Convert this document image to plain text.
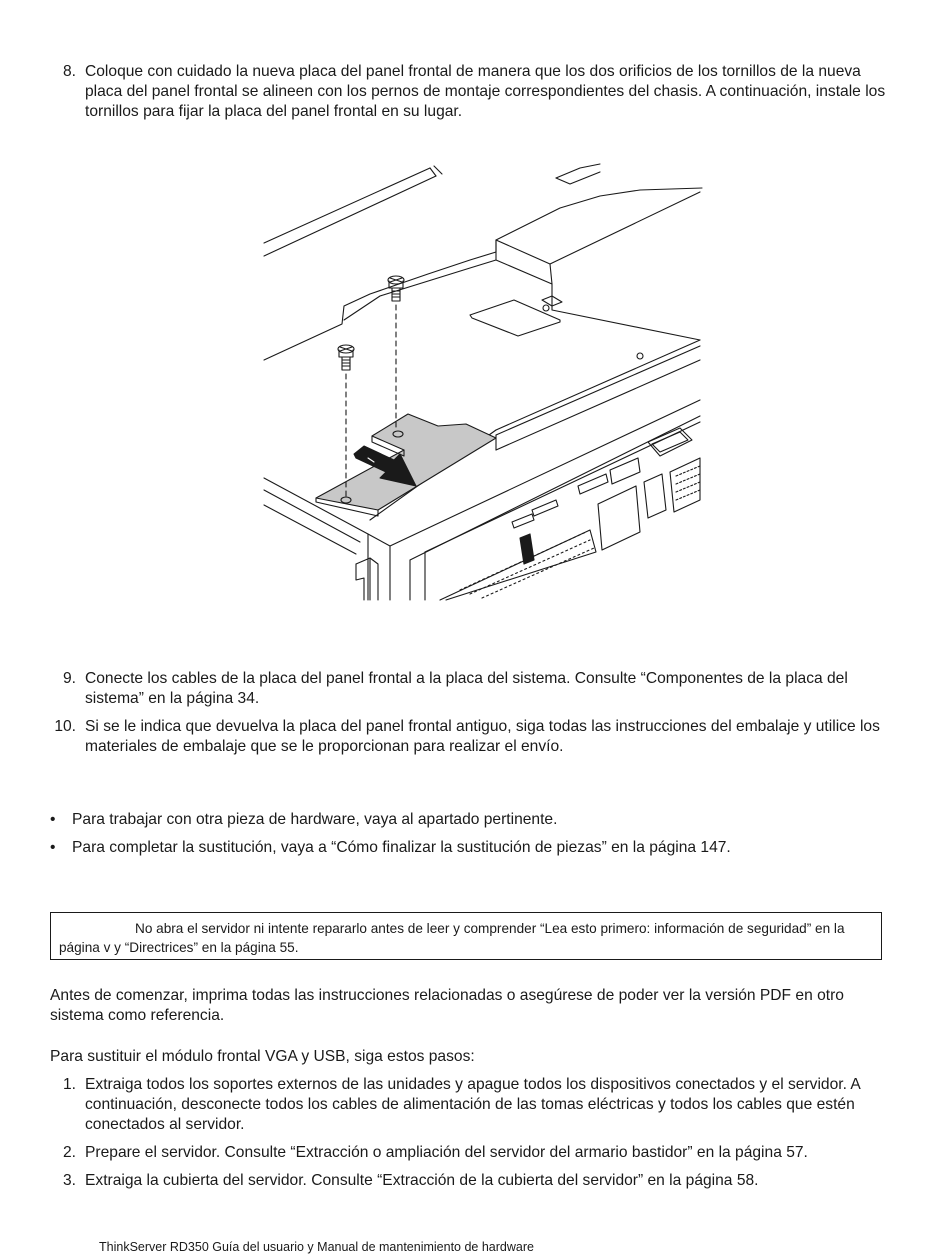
8. Coloque con cuidado la nueva placa del panel frontal de manera que los dos orificios de los tornillos de la nueva placa del panel frontal se alineen con los pernos de montaje correspondientes del chasis. A continuación, instale los tornillos para fijar la placa del panel frontal en su lugar.
9. Conecte los cables de la placa del panel frontal a la placa del sistema. Consulte “Componentes de la placa del sistema” en la página 34.
10. Si se le indica que devuelva la placa del panel frontal antiguo, siga todas las instrucciones del embalaje y utilice los materiales de embalaje que se le proporcionan para realizar el envío.
• Para trabajar con otra pieza de hardware, vaya al apartado pertinente.
• Para completar la sustitución, vaya a “Cómo finalizar la sustitución de piezas” en la página 147.
No abra el servidor ni intente repararlo antes de leer y comprender “Lea esto primero: información de seguridad” en la página v y “Directrices” en la página 55.

Antes de comenzar, imprima todas las instrucciones relacionadas o asegúrese de poder ver la versión PDF en otro sistema como referencia.

Para sustituir el módulo frontal VGA y USB, siga estos pasos:

1. Extraiga todos los soportes externos de las unidades y apague todos los dispositivos conectados y el servidor. A continuación, desconecte todos los cables de alimentación de las tomas eléctricas y todos los cables que estén conectados al servidor.
2. Prepare el servidor. Consulte “Extracción o ampliación del servidor del armario bastidor” en la página 57.
3. Extraiga la cubierta del servidor. Consulte “Extracción de la cubierta del servidor” en la página 58.
ThinkServer RD350 Guía del usuario y Manual de mantenimiento de hardware
